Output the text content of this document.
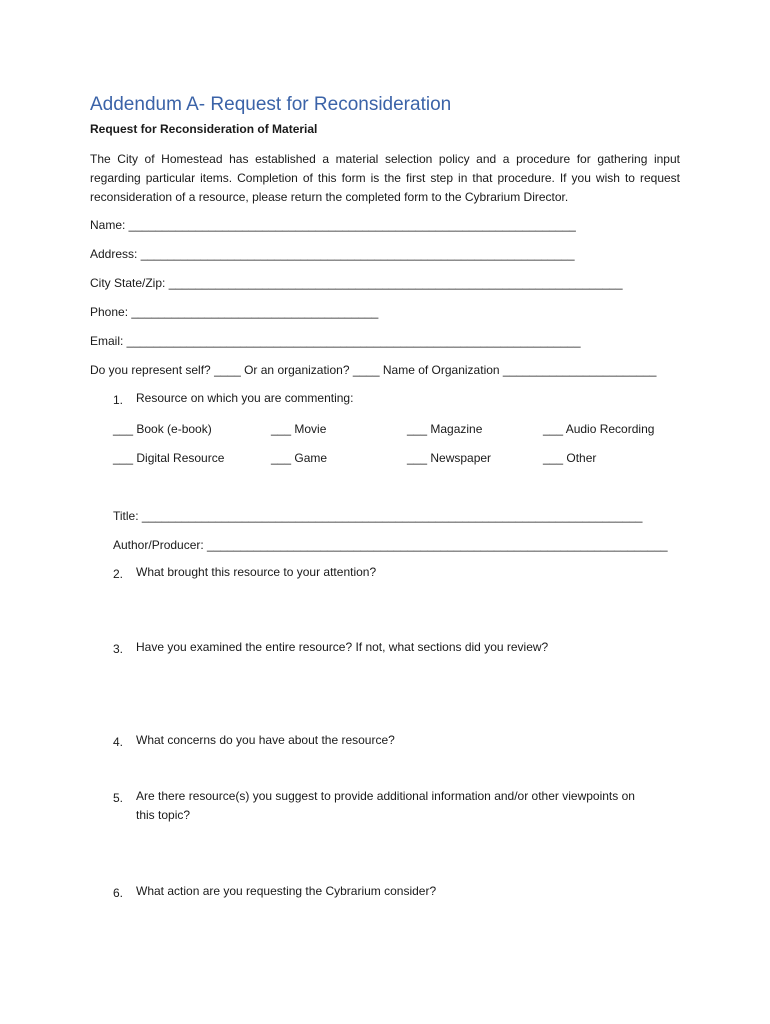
Addendum A- Request for Reconsideration
Request for Reconsideration of Material
The City of Homestead has established a material selection policy and a procedure for gathering input
regarding particular items. Completion of this form is the first step in that procedure. If you wish to request
reconsideration of a resource, please return the completed form to the Cybrarium Director.
Name: ___________________________________________________________________
Address: _________________________________________________________________
City State/Zip: ____________________________________________________________________
Phone: _____________________________________
Email: ____________________________________________________________________
Do you represent self? ____ Or an organization? ____ Name of Organization _______________________
1. Resource on which you are commenting:
___ Book (e-book)	___ Movie	___ Magazine	___ Audio Recording
___ Digital Resource	___ Game	___ Newspaper	___ Other
Title: ___________________________________________________________________________
Author/Producer: _____________________________________________________________________
2. What brought this resource to your attention?
3. Have you examined the entire resource? If not, what sections did you review?
4. What concerns do you have about the resource?
5. Are there resource(s) you suggest to provide additional information and/or other viewpoints on
this topic?
6. What action are you requesting the Cybrarium consider?
